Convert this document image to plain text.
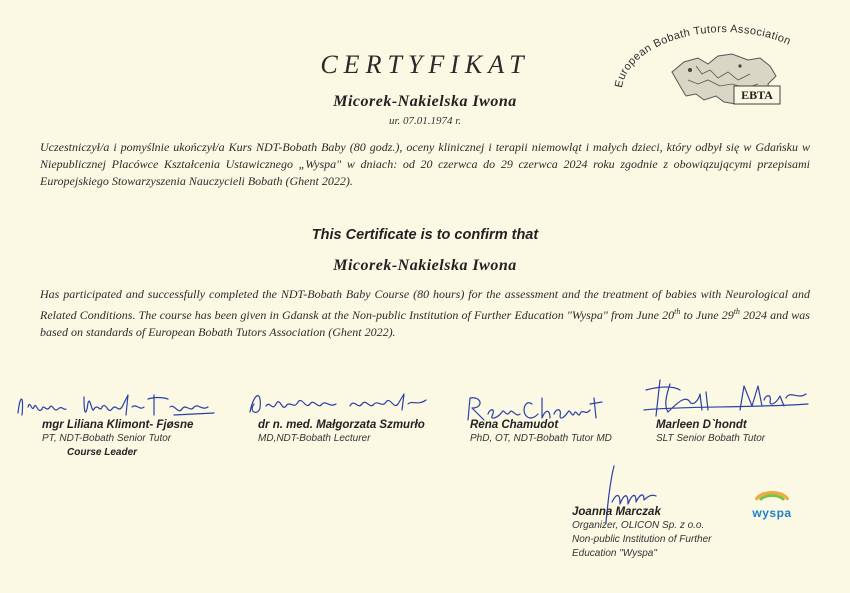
European Bobath Tutors Association
EBTA
CERTYFIKAT
Micorek-Nakielska Iwona
ur. 07.01.1974 r.
Uczestniczył/a i pomyślnie ukończył/a Kurs NDT-Bobath Baby (80 godz.), oceny klinicznej i terapii niemowląt i małych dzieci, który odbył się w Gdańsku w Niepublicznej Placówce Kształcenia Ustawicznego „Wyspa" w dniach: od 20 czerwca do 29 czerwca 2024 roku zgodnie z obowiązującymi przepisami Europejskiego Stowarzyszenia Nauczycieli Bobath (Ghent 2022).
This Certificate is to confirm that
Micorek-Nakielska Iwona
Has participated and successfully completed the NDT-Bobath Baby Course (80 hours) for the assessment and the treatment of babies with Neurological and Related Conditions. The course has been given in Gdansk at the Non-public Institution of Further Education "Wyspa" from June 20th to June 29th 2024 and was based on standards of European Bobath Tutors Association (Ghent 2022).
mgr Liliana Klimont- Fjøsne
PT, NDT-Bobath Senior Tutor
Course Leader
dr n. med. Małgorzata Szmurło
MD,NDT-Bobath Lecturer
Rena Chamudot
PhD, OT, NDT-Bobath Tutor MD
Marleen D`hondt
SLT Senior Bobath Tutor
Joanna Marczak
Organizer, OLICON Sp. z o.o.
Non-public Institution of Further
Education "Wyspa"
wyspa
